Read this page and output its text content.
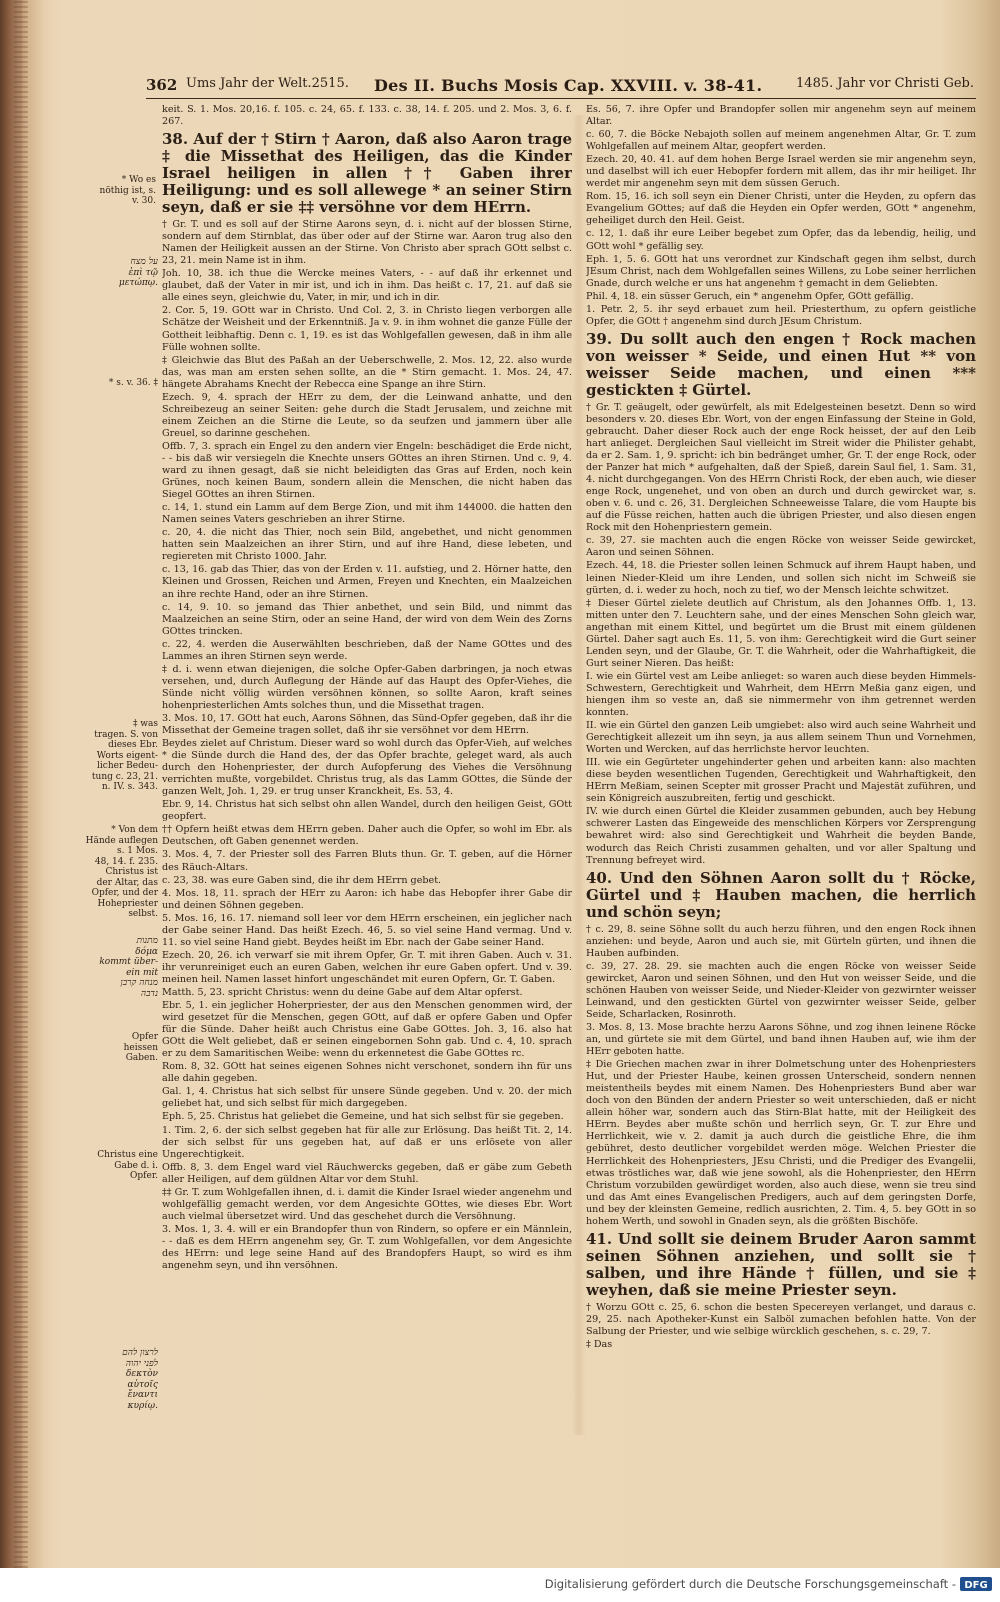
362 Ums Jahr der Welt.2515. Des II. Buchs Mosis Cap. XXVIII. v. 38-41.	1485. Jahr vor Christi Geb.
* Wo es nöthig ist, s. v. 30.
על מצח
ἐπὶ τῷ
μετώπῳ.
* s. v. 36. ‡
‡ was
tragen. S. von
dieses Ebr.
Worts eigent-
licher Bedeu-
tung c. 23, 21.
n. IV. s. 343.
* Von dem
Hände auflegen s. 1 Mos.
48, 14. f. 235.
Christus ist
der Altar, das
Opfer, und der
Hohepriester
selbst.
מתנות
δόμα
kommt über-
ein mit
מנחה קרבן
נדבה
Opfer heissen
Gaben.
Christus eine
Gabe d. i.
Opfer.
לרצון להם
לפני יהוה
δεκτὸν
αὐτοῖς
ἔναντι
κυρίῳ.

keit. S. 1. Mos. 20,16. f. 105. c. 24, 65. f. 133. c. 38, 14. f. 205. und 2. Mos. 3, 6. f. 267.

38. Auf der † Stirn † Aaron, daß also Aaron trage ‡ die Missethat des Heiligen, das die Kinder Israel heiligen in allen †† Gaben ihrer Heiligung: und es soll allewege * an seiner Stirn seyn, daß er sie ‡‡ versöhne vor dem HErrn.

† Gr. T. und es soll auf der Stirne Aarons seyn, d. i. nicht auf der blossen Stirne, sondern auf dem Stirnblat, das über oder auf der Stirne war. Aaron trug also den Namen der Heiligkeit aussen an der Stirne. Von Christo aber sprach GOtt selbst c. 23, 21. mein Name ist in ihm.

Joh. 10, 38. ich thue die Wercke meines Vaters, - - auf daß ihr erkennet und glaubet, daß der Vater in mir ist, und ich in ihm. Das heißt c. 17, 21. auf daß sie alle eines seyn, gleichwie du, Vater, in mir, und ich in dir.

2. Cor. 5, 19. GOtt war in Christo. Und Col. 2, 3. in Christo liegen verborgen alle Schätze der Weisheit und der Erkenntniß. Ja v. 9. in ihm wohnet die ganze Fülle der Gottheit leibhaftig. Denn c. 1, 19. es ist das Wohlgefallen gewesen, daß in ihm alle Fülle wohnen sollte.

‡ Gleichwie das Blut des Paßah an der Ueberschwelle, 2. Mos. 12, 22. also wurde das, was man am ersten sehen sollte, an die * Stirn gemacht. 1. Mos. 24, 47. hängete Abrahams Knecht der Rebecca eine Spange an ihre Stirn.

Ezech. 9, 4. sprach der HErr zu dem, der die Leinwand anhatte, und den Schreibezeug an seiner Seiten: gehe durch die Stadt Jerusalem, und zeichne mit einem Zeichen an die Stirne die Leute, so da seufzen und jammern über alle Greuel, so darinne geschehen.

Offb. 7, 3. sprach ein Engel zu den andern vier Engeln: beschädiget die Erde nicht, - - bis daß wir versiegeln die Knechte unsers GOttes an ihren Stirnen. Und c. 9, 4. ward zu ihnen gesagt, daß sie nicht beleidigten das Gras auf Erden, noch kein Grünes, noch keinen Baum, sondern allein die Menschen, die nicht haben das Siegel GOttes an ihren Stirnen.

c. 14, 1. stund ein Lamm auf dem Berge Zion, und mit ihm 144000. die hatten den Namen seines Vaters geschrieben an ihrer Stirne.

c. 20, 4. die nicht das Thier, noch sein Bild, angebethet, und nicht genommen hatten sein Maalzeichen an ihrer Stirn, und auf ihre Hand, diese lebeten, und regiereten mit Christo 1000. Jahr.

c. 13, 16. gab das Thier, das von der Erden v. 11. aufstieg, und 2. Hörner hatte, den Kleinen und Grossen, Reichen und Armen, Freyen und Knechten, ein Maalzeichen an ihre rechte Hand, oder an ihre Stirnen.

c. 14, 9. 10. so jemand das Thier anbethet, und sein Bild, und nimmt das Maalzeichen an seine Stirn, oder an seine Hand, der wird von dem Wein des Zorns GOttes trincken.

c. 22, 4. werden die Auserwählten beschrieben, daß der Name GOttes und des Lammes an ihren Stirnen seyn werde.

‡ d. i. wenn etwan diejenigen, die solche Opfer-Gaben darbringen, ja noch etwas versehen, und, durch Auflegung der Hände auf das Haupt des Opfer-Viehes, die Sünde nicht völlig würden versöhnen können, so sollte Aaron, kraft seines hohenpriesterlichen Amts solches thun, und die Missethat tragen.

3. Mos. 10, 17. GOtt hat euch, Aarons Söhnen, das Sünd-Opfer gegeben, daß ihr die Missethat der Gemeine tragen sollet, daß ihr sie versöhnet vor dem HErrn.

Beydes zielet auf Christum. Dieser ward so wohl durch das Opfer-Vieh, auf welches * die Sünde durch die Hand des, der das Opfer brachte, geleget ward, als auch durch den Hohenpriester, der durch Aufopferung des Viehes die Versöhnung verrichten mußte, vorgebildet. Christus trug, als das Lamm GOttes, die Sünde der ganzen Welt, Joh. 1, 29. er trug unser Kranckheit, Es. 53, 4.

Ebr. 9, 14. Christus hat sich selbst ohn allen Wandel, durch den heiligen Geist, GOtt geopfert.

†† Opfern heißt etwas dem HErrn geben. Daher auch die Opfer, so wohl im Ebr. als Deutschen, oft Gaben genennet werden.

3. Mos. 4, 7. der Priester soll des Farren Bluts thun. Gr. T. geben, auf die Hörner des Räuch-Altars.

c. 23, 38. was eure Gaben sind, die ihr dem HErrn gebet.

4. Mos. 18, 11. sprach der HErr zu Aaron: ich habe das Hebopfer ihrer Gabe dir und deinen Söhnen gegeben.

5. Mos. 16, 16. 17. niemand soll leer vor dem HErrn erscheinen, ein jeglicher nach der Gabe seiner Hand. Das heißt Ezech. 46, 5. so viel seine Hand vermag. Und v. 11. so viel seine Hand giebt. Beydes heißt im Ebr. nach der Gabe seiner Hand.

Ezech. 20, 26. ich verwarf sie mit ihrem Opfer, Gr. T. mit ihren Gaben. Auch v. 31. ihr verunreiniget euch an euren Gaben, welchen ihr eure Gaben opfert. Und v. 39. meinen heil. Namen lasset hinfort ungeschändet mit euren Opfern, Gr. T. Gaben.

Matth. 5, 23. spricht Christus: wenn du deine Gabe auf dem Altar opferst.

Ebr. 5, 1. ein jeglicher Hoherpriester, der aus den Menschen genommen wird, der wird gesetzet für die Menschen, gegen GOtt, auf daß er opfere Gaben und Opfer für die Sünde. Daher heißt auch Christus eine Gabe GOttes. Joh. 3, 16. also hat GOtt die Welt geliebet, daß er seinen eingebornen Sohn gab. Und c. 4, 10. sprach er zu dem Samaritischen Weibe: wenn du erkennetest die Gabe GOttes rc.

Rom. 8, 32. GOtt hat seines eigenen Sohnes nicht verschonet, sondern ihn für uns alle dahin gegeben.

Gal. 1, 4. Christus hat sich selbst für unsere Sünde gegeben. Und v. 20. der mich geliebet hat, und sich selbst für mich dargegeben.

Eph. 5, 25. Christus hat geliebet die Gemeine, und hat sich selbst für sie gegeben.

1. Tim. 2, 6. der sich selbst gegeben hat für alle zur Erlösung. Das heißt Tit. 2, 14. der sich selbst für uns gegeben hat, auf daß er uns erlösete von aller Ungerechtigkeit.

Offb. 8, 3. dem Engel ward viel Räuchwercks gegeben, daß er gäbe zum Gebeth aller Heiligen, auf dem güldnen Altar vor dem Stuhl.

‡‡ Gr. T. zum Wohlgefallen ihnen, d. i. damit die Kinder Israel wieder angenehm und wohlgefällig gemacht werden, vor dem Angesichte GOttes, wie dieses Ebr. Wort auch vielmal übersetzet wird. Und das geschehet durch die Versöhnung.

3. Mos. 1, 3. 4. will er ein Brandopfer thun von Rindern, so opfere er ein Männlein, - - daß es dem HErrn angenehm sey, Gr. T. zum Wohlgefallen, vor dem Angesichte des HErrn: und lege seine Hand auf des Brandopfers Haupt, so wird es ihm angenehm seyn, und ihn versöhnen.

Es. 56, 7. ihre Opfer und Brandopfer sollen mir angenehm seyn auf meinem Altar.

c. 60, 7. die Böcke Nebajoth sollen auf meinem angenehmen Altar, Gr. T. zum Wohlgefallen auf meinem Altar, geopfert werden.

Ezech. 20, 40. 41. auf dem hohen Berge Israel werden sie mir angenehm seyn, und daselbst will ich euer Hebopfer fordern mit allem, das ihr mir heiliget. Ihr werdet mir angenehm seyn mit dem süssen Geruch.

Rom. 15, 16. ich soll seyn ein Diener Christi, unter die Heyden, zu opfern das Evangelium GOttes; auf daß die Heyden ein Opfer werden, GOtt * angenehm, geheiliget durch den Heil. Geist.

c. 12, 1. daß ihr eure Leiber begebet zum Opfer, das da lebendig, heilig, und GOtt wohl * gefällig sey.

Eph. 1, 5. 6. GOtt hat uns verordnet zur Kindschaft gegen ihm selbst, durch JEsum Christ, nach dem Wohlgefallen seines Willens, zu Lobe seiner herrlichen Gnade, durch welche er uns hat angenehm † gemacht in dem Geliebten.

Phil. 4, 18. ein süsser Geruch, ein * angenehm Opfer, GOtt gefällig.

1. Petr. 2, 5. ihr seyd erbauet zum heil. Priesterthum, zu opfern geistliche Opfer, die GOtt † angenehm sind durch JEsum Christum.

39. Du sollt auch den engen † Rock machen von weisser * Seide, und einen Hut ** von weisser Seide machen, und einen *** gestickten ‡ Gürtel.

† Gr. T. geäugelt, oder gewürfelt, als mit Edelgesteinen besetzt. Denn so wird besonders v. 20. dieses Ebr. Wort, von der engen Einfassung der Steine in Gold, gebraucht. Daher dieser Rock auch der enge Rock heisset, der auf den Leib hart anlieget. Dergleichen Saul vielleicht im Streit wider die Philister gehabt, da er 2. Sam. 1, 9. spricht: ich bin bedränget umher, Gr. T. der enge Rock, oder der Panzer hat mich * aufgehalten, daß der Spieß, darein Saul fiel, 1. Sam. 31, 4. nicht durchgegangen. Von des HErrn Christi Rock, der eben auch, wie dieser enge Rock, ungenehet, und von oben an durch und durch gewircket war, s. oben v. 6. und c. 26, 31. Dergleichen Schneeweisse Talare, die vom Haupte bis auf die Füsse reichen, hatten auch die übrigen Priester, und also diesen engen Rock mit den Hohenpriestern gemein.

c. 39, 27. sie machten auch die engen Röcke von weisser Seide gewircket, Aaron und seinen Söhnen.

Ezech. 44, 18. die Priester sollen leinen Schmuck auf ihrem Haupt haben, und leinen Nieder-Kleid um ihre Lenden, und sollen sich nicht im Schweiß sie gürten, d. i. weder zu hoch, noch zu tief, wo der Mensch leichte schwitzet.

‡ Dieser Gürtel zielete deutlich auf Christum, als den Johannes Offb. 1, 13. mitten unter den 7. Leuchtern sahe, und der eines Menschen Sohn gleich war, angethan mit einem Kittel, und begürtet um die Brust mit einem güldenen Gürtel. Daher sagt auch Es. 11, 5. von ihm: Gerechtigkeit wird die Gurt seiner Lenden seyn, und der Glaube, Gr. T. die Wahrheit, oder die Wahrhaftigkeit, die Gurt seiner Nieren. Das heißt:

I. wie ein Gürtel vest am Leibe anlieget: so waren auch diese beyden Himmels-Schwestern, Gerechtigkeit und Wahrheit, dem HErrn Meßia ganz eigen, und hiengen ihm so veste an, daß sie nimmermehr von ihm getrennet werden konnten.

II. wie ein Gürtel den ganzen Leib umgiebet: also wird auch seine Wahrheit und Gerechtigkeit allezeit um ihn seyn, ja aus allem seinem Thun und Vornehmen, Worten und Wercken, auf das herrlichste hervor leuchten.

III. wie ein Gegürteter ungehinderter gehen und arbeiten kann: also machten diese beyden wesentlichen Tugenden, Gerechtigkeit und Wahrhaftigkeit, den HErrn Meßiam, seinen Scepter mit grosser Pracht und Majestät zuführen, und sein Königreich auszubreiten, fertig und geschickt.

IV. wie durch einen Gürtel die Kleider zusammen gebunden, auch bey Hebung schwerer Lasten das Eingeweide des menschlichen Körpers vor Zersprengung bewahret wird: also sind Gerechtigkeit und Wahrheit die beyden Bande, wodurch das Reich Christi zusammen gehalten, und vor aller Spaltung und Trennung befreyet wird.

40. Und den Söhnen Aaron sollt du † Röcke, Gürtel und ‡ Hauben machen, die herrlich und schön seyn;

† c. 29, 8. seine Söhne sollt du auch herzu führen, und den engen Rock ihnen anziehen: und beyde, Aaron und auch sie, mit Gürteln gürten, und ihnen die Hauben aufbinden.

c. 39, 27. 28. 29. sie machten auch die engen Röcke von weisser Seide gewircket, Aaron und seinen Söhnen, und den Hut von weisser Seide, und die schönen Hauben von weisser Seide, und Nieder-Kleider von gezwirnter weisser Leinwand, und den gestickten Gürtel von gezwirnter weisser Seide, gelber Seide, Scharlacken, Rosinroth.

3. Mos. 8, 13. Mose brachte herzu Aarons Söhne, und zog ihnen leinene Röcke an, und gürtete sie mit dem Gürtel, und band ihnen Hauben auf, wie ihm der HErr geboten hatte.

‡ Die Griechen machen zwar in ihrer Dolmetschung unter des Hohenpriesters Hut, und der Priester Haube, keinen grossen Unterscheid, sondern nennen meistentheils beydes mit einem Namen. Des Hohenpriesters Bund aber war doch von den Bünden der andern Priester so weit unterschieden, daß er nicht allein höher war, sondern auch das Stirn-Blat hatte, mit der Heiligkeit des HErrn. Beydes aber mußte schön und herrlich seyn, Gr. T. zur Ehre und Herrlichkeit, wie v. 2. damit ja auch durch die geistliche Ehre, die ihm gebühret, desto deutlicher vorgebildet werden möge. Welchen Priester die Herrlichkeit des Hohenpriesters, JEsu Christi, und die Prediger des Evangelii, etwas tröstliches war, daß wie jene sowohl, als die Hohenpriester, den HErrn Christum vorzubilden gewürdiget worden, also auch diese, wenn sie treu sind und das Amt eines Evangelischen Predigers, auch auf dem geringsten Dorfe, und bey der kleinsten Gemeine, redlich ausrichten, 2. Tim. 4, 5. bey GOtt in so hohem Werth, und sowohl in Gnaden seyn, als die größten Bischöfe.

41. Und sollt sie deinem Bruder Aaron sammt seinen Söhnen anziehen, und sollt sie † salben, und ihre Hände † füllen, und sie ‡ weyhen, daß sie meine Priester seyn.

† Worzu GOtt c. 25, 6. schon die besten Specereyen verlanget, und daraus c. 29, 25. nach Apotheker-Kunst ein Salböl zumachen befohlen hatte. Von der Salbung der Priester, und wie selbige würcklich geschehen, s. c. 29, 7.

‡ Das

Digitalisierung gefördert durch die Deutsche Forschungsgemeinschaft - DFG
